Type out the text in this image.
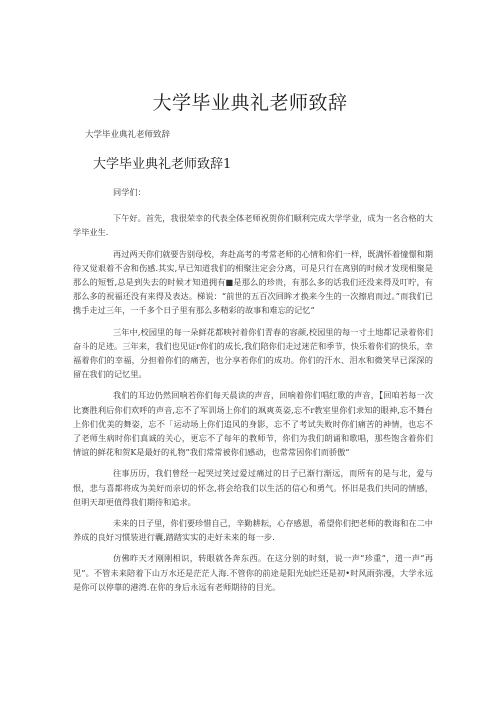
大学毕业典礼老师致辞

大学毕业典礼老师致辞

大学毕业典礼老师致辞1

同学们：

下午好。首先，我很荣幸的代表全体老师祝贺你们顺利完成大学学业，成为一名合格的大学毕业生.

再过两天你们就要告别母校，奔赴高考的考常老师的心情和你们一样，既满怀着憧憬和期待又觉艰着不舍和伤感.其实,早已知道我们的相聚注定会分离，可是只行在离别的时候才发现相聚是那么的短暂,总是到失去的时候才知道拥有■是那么的珍贵，有那么多的话我们还没来得及叮咛，有那么多的祝福还没有来得及表达。梯说：“前世的五百次回眸才换来今生的一次擦肩而过。”而我们已携手走过三年，一千多个日子里有那么多精彩的故事和难忘的记忆“

三年中,校园里的每一朵鲜花都映衬着你们青春的容颜,校园里的每一寸土地都记录着你们奋斗的足迹。三年来，我们也见证r你们的成长,我们陪你们走过迷茫和季节，快乐着你们的快乐，幸福着你们的幸福，分担着你们的痛苦，也分享若你们的成功。你们的汗水、泪水和微笑早已深深的留在我们的记忆里。

我们的耳边仍然回响若你们每天晨读的声音，回响着你们唱红歌的声音，【回咱若每一次比赛胜利后你们欢呼的声音,忘不了军训场上你们的飒爽英姿,忘不r教室里你们求知的眼神,忘不舞台上你们优美的舞姿，忘不「运动场上你们追风的身影，忘不了考试失败时你们痛苦的神情，也忘不了老师生病时你们真诚的关心，更忘不了每年的教师节，你们为我们朗诵和歌唱，那些饱含着你们情谊的鲜花和贺K是最好的礼物”我们常常被你们感动，也常常因你们而骄傲“

往事历历，我们曾经一起哭过笑过爱过痛过的日子已渐行渐远，而所有的是与北，爱与恨，悲与喜都将成为美好而亲切的怀念,将会给我们以生活的信心和勇气。怀旧是我们共同的情感，但明天却更值得我们期待和追求。

未来的日子里，你们要珍惜自己，辛勤耕耘，心存感恩，希望你们把老师的教诲和在二中养成的良好习惯装进行囊,踏踏实实的走好未来的每一步.

仿佛昨天才刚刚相识，转眼就各奔东西。在这分别的时刻，说一声“珍重”，道一声“再见”。不管未来陪着下山万水还是茫茫人海.不管你的前途是阳光灿烂还是初•时风雨弥漫，大学永远是你可以停靠的港湾.在你的身后永远有老师期待的目光。
